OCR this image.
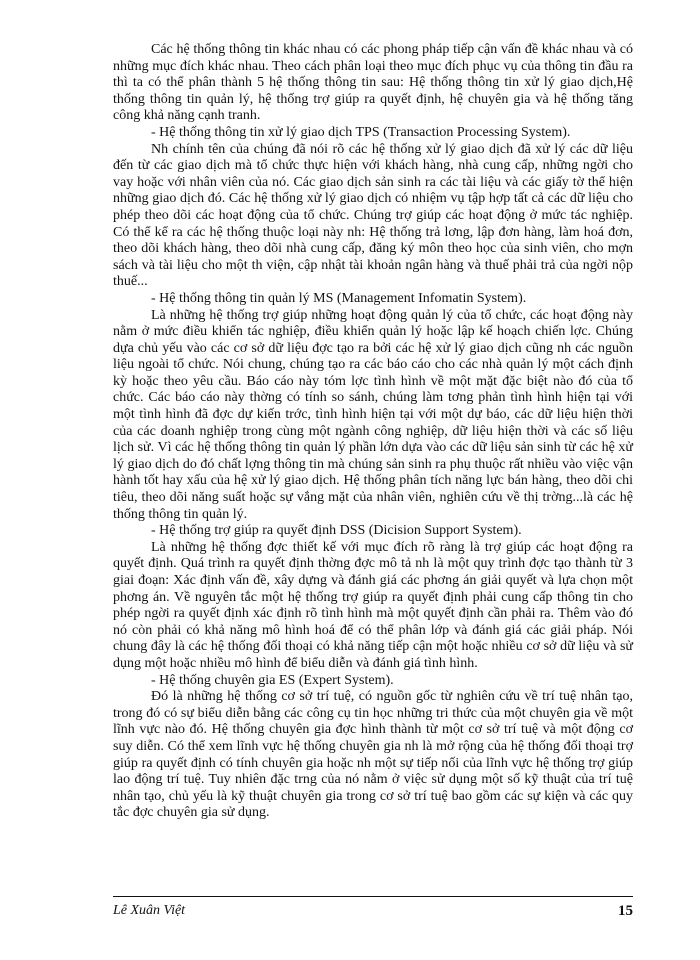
Các hệ thống thông tin khác nhau có các phong pháp tiếp cận vấn đề khác nhau và có những mục đích khác nhau. Theo cách phân loại theo mục đích phục vụ của thông tin đầu ra thì ta có thể phân thành 5 hệ thống thông tin sau: Hệ thống thông tin xử lý giao dịch,Hệ thống thông tin quản lý, hệ thống trợ giúp ra quyết định, hệ chuyên gia và hệ thống tăng công khả năng cạnh tranh.

- Hệ thống thông tin xử lý giao dịch TPS (Transaction Processing System).

Nh chính tên của chúng đã nói rõ các hệ thống xử lý giao dịch đã xử lý các dữ liệu đến từ các giao dịch mà tổ chức thực hiện với khách hàng, nhà cung cấp, những ngời cho vay hoặc với nhân viên của nó. Các giao dịch sản sinh ra các tài liệu và các giấy tờ thể hiện những giao dịch đó. Các hệ thống xử lý giao dịch có nhiệm vụ tập hợp tất cả các dữ liệu cho phép theo dõi các hoạt động của tổ chức. Chúng trợ giúp các hoạt động ở mức tác nghiệp. Có thể kể ra các hệ thống thuộc loại này nh: Hệ thống trả lơng, lập đơn hàng, làm hoá đơn, theo dõi khách hàng, theo dõi nhà cung cấp, đăng ký môn theo học của sinh viên, cho mợn sách và tài liệu cho một th viện, cập nhật tài khoản ngân hàng và thuế phải trả của ngời nộp thuế...

- Hệ thống thông tin quản lý MS (Management Infomatin System).

Là những hệ thống trợ giúp những hoạt động quản lý của tổ chức, các hoạt động này nằm ở mức điều khiển tác nghiệp, điều khiển quản lý hoặc lập kế hoạch chiến lợc. Chúng dựa chủ yếu vào các cơ sở dữ liệu đợc tạo ra bởi các hệ xử lý giao dịch cũng nh các nguồn liệu ngoài tổ chức. Nói chung, chúng tạo ra các báo cáo cho các nhà quản lý một cách định kỳ hoặc theo yêu cầu. Báo cáo này tóm lợc tình hình về một mặt đặc biệt nào đó của tổ chức. Các báo cáo này thờng có tính so sánh, chúng làm tơng phản tình hình hiện tại với một tình hình đã đợc dự kiến trớc, tình hình hiện tại với một dự báo, các dữ liệu hiện thời của các doanh nghiệp trong cùng một ngành công nghiệp, dữ liệu hiện thời và các số liệu lịch sử. Vì các hệ thống thông tin quản lý phần lớn dựa vào các dữ liệu sản sinh từ các hệ xử lý giao dịch do đó chất lợng thông tin mà chúng sản sinh ra phụ thuộc rất nhiều vào việc vận hành tốt hay xấu của hệ xử lý giao dịch. Hệ thống phân tích năng lực bán hàng, theo dõi chi tiêu, theo dõi năng suất hoặc sự vắng mặt của nhân viên, nghiên cứu về thị trờng...là các hệ thống thông tin quản lý.

- Hệ thống trợ giúp ra quyết định DSS (Dicision Support System).

Là những hệ thống đợc thiết kế với mục đích rõ ràng là trợ giúp các hoạt động ra quyết định. Quá trình ra quyết định thờng đợc mô tả nh là một quy trình đợc tạo thành từ 3 giai đoạn: Xác định vấn đề, xây dựng và đánh giá các phơng án giải quyết và lựa chọn một phơng án. Về nguyên tắc một hệ thống trợ giúp ra quyết định phải cung cấp thông tin cho phép ngời ra quyết định xác định rõ tình hình mà một quyết định cần phải ra. Thêm vào đó nó còn phải có khả năng mô hình hoá để có thể phân lớp và đánh giá các giải pháp. Nói chung đây là các hệ thống đối thoại có khả năng tiếp cận một hoặc nhiều cơ sở dữ liệu và sử dụng một hoặc nhiều mô hình để biểu diễn và đánh giá tình hình.

- Hệ thống chuyên gia ES (Expert System).

Đó là những hệ thống cơ sở trí tuệ, có nguồn gốc từ nghiên cứu về trí tuệ nhân tạo, trong đó có sự biểu diễn bằng các công cụ tin học những tri thức của một chuyên gia về một lĩnh vực nào đó. Hệ thống chuyên gia đợc hình thành từ một cơ sở trí tuệ và một động cơ suy diễn. Có thể xem lĩnh vực hệ thống chuyên gia nh là mở rộng của hệ thống đối thoại trợ giúp ra quyết định có tính chuyên gia hoặc nh một sự tiếp nối của lĩnh vực hệ thống trợ giúp lao động trí tuệ. Tuy nhiên đặc trng của nó nằm ở việc sử dụng một số kỹ thuật của trí tuệ nhân tạo, chủ yếu là kỹ thuật chuyên gia trong cơ sở trí tuệ bao gồm các sự kiện và các quy tắc đợc chuyên gia sử dụng.

Lê Xuân Việt	15
